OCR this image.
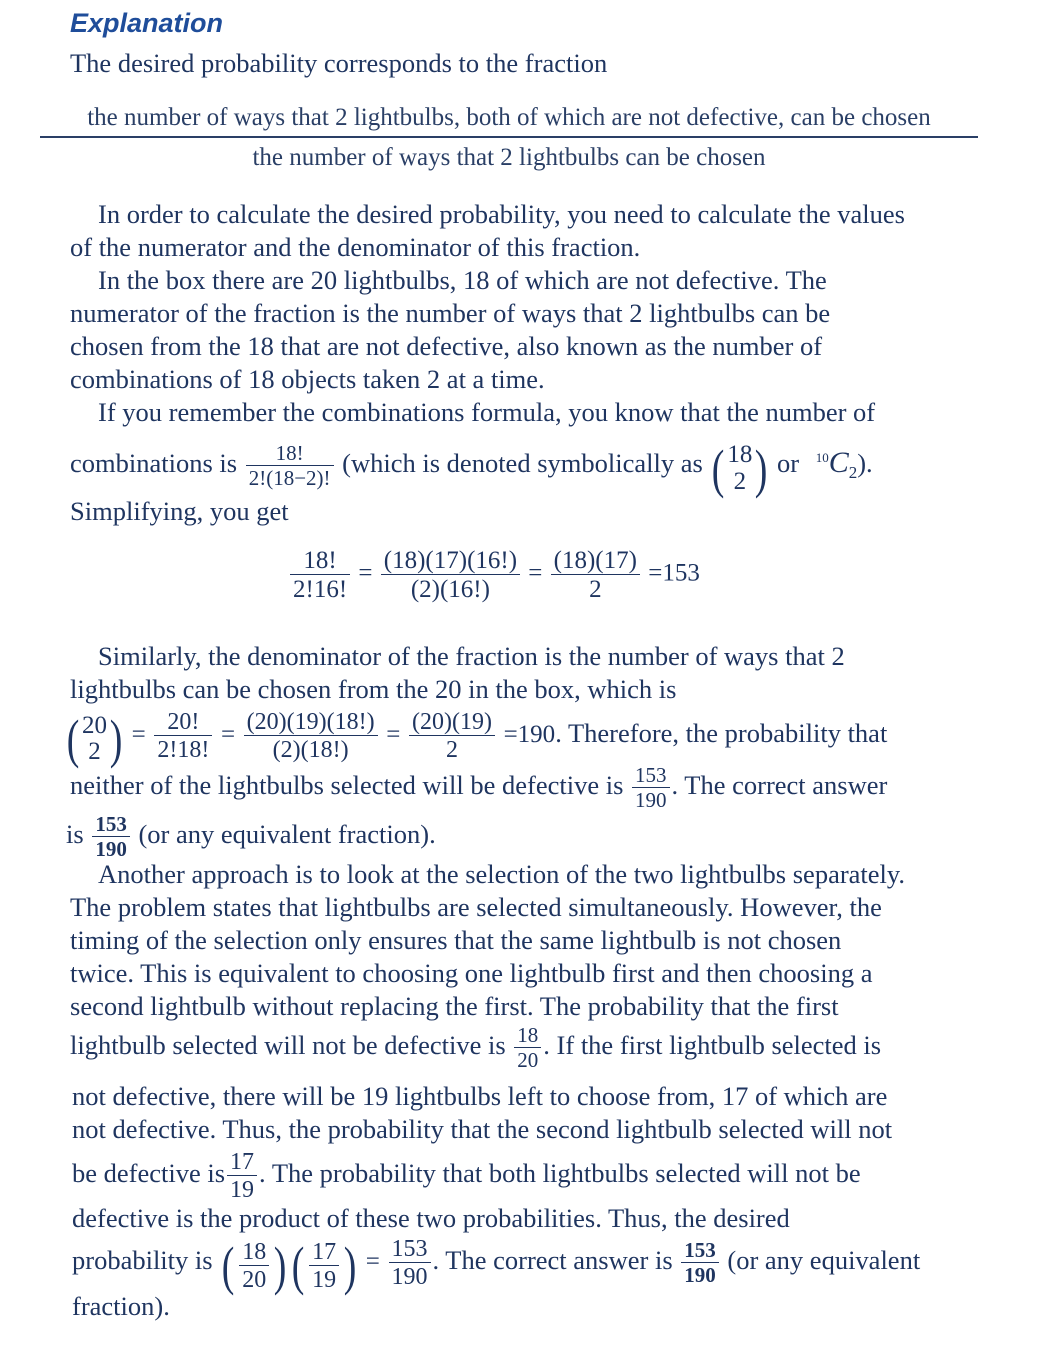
Explanation
The desired probability corresponds to the fraction
the number of ways that 2 lightbulbs, both of which are not defective, can be chosen
the number of ways that 2 lightbulbs can be chosen
In order to calculate the desired probability, you need to calculate the values
of the numerator and the denominator of this fraction.
In the box there are 20 lightbulbs, 18 of which are not defective. The
numerator of the fraction is the number of ways that 2 lightbulbs can be
chosen from the 18 that are not defective, also known as the number of
combinations of 18 objects taken 2 at a time.
If you remember the combinations formula, you know that the number of
combinations is $\frac{18!}{2!(18-2)!}$ (which is denoted symbolically as ( 18
2 ) or $^{10}C_2$).
Simplifying, you get
$\frac{18!}{2!16!} = \frac{(18)(17)(16!)}{(2)(16!)} = \frac{(18)(17)}{2} =153$
Similarly, the denominator of the fraction is the number of ways that 2
lightbulbs can be chosen from the 20 in the box, which is
( 20
2 ) = $\frac{20!}{2!18!} = \frac{(20)(19)(18!)}{(2)(18!)} = \frac{(20)(19)}{2} =190$. Therefore, the probability that
neither of the lightbulbs selected will be defective is $\frac{153}{190}$ . The correct answer
is $\frac{153}{190} (or$ any equivalent fraction).
Another approach is to look at the selection of the two lightbulbs separately.
The problem states that lightbulbs are selected simultaneously. However, the
timing of the selection only ensures that the same lightbulb is not chosen
twice. This is equivalent to choosing one lightbulb first and then choosing a
second lightbulb without replacing the first. The probability that the first
lightbulb selected will not be defective is $\frac{18}{20}$ . If the first lightbulb selected is
not defective, there will be 19 lightbulbs left to choose from, 17 of which are
not defective. Thus, the probability that the second lightbulb selected will not
be defective is $\frac{17}{19}$ . The probability that both lightbulbs selected will not be
defective is the product of these two probabilities. Thus, the desired
probability is ( $\frac{18}{20}$ )( $\frac{17}{19}$ ) = $\frac{153}{190}$ . The correct answer is $\frac{153}{190} (or$ any equivalent
fraction).
